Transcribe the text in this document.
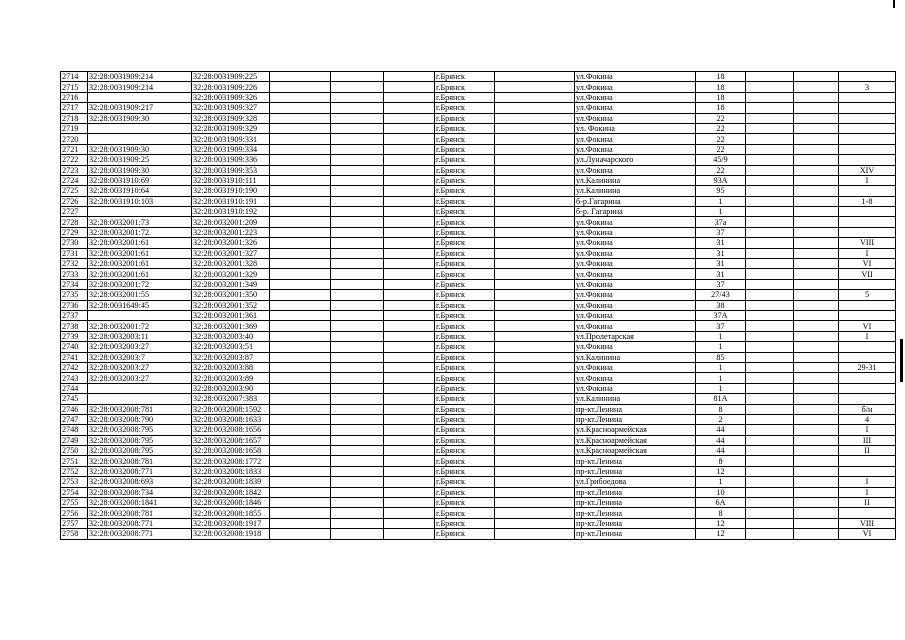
2714	32:28:0031909:214	32:28:0031909:225				г.Брянск		ул.Фокина	18			
2715	32:28:0031909:214	32:28:0031909:226				г.Брянск		ул.Фокина	18			3
2716		32:28:0031909:326				г.Брянск		ул.Фокина	18			
2717	32:28:0031909:217	32:28:0031909:327				г.Брянск		ул.Фокина	18			
2718	32:28:0031909:30	32:28:0031909:328				г.Брянск		ул.Фокина	22			
2719		32:28:0031909:329				г.Брянск		ул. Фокина	22			
2720		32:28:0031909:331				г.Брянск		ул.Фокина	22			
2721	32:28:0031909:30	32:28:0031909:334				г.Брянск		ул.Фокина	22			
2722	32:28:0031909:25	32:28:0031909:336				г.Брянск		ул.Луначарского	45/9			
2723	32:28:0031909:30	32:28:0031909:353				г.Брянск		ул.Фокина	22			XIV
2724	32:28:0031910:69	32:28:0031910:111				г.Брянск		ул.Калинина	93А			I
2725	32:28:0031910:64	32:28:0031910:190				г.Брянск		ул.Калинина	95			
2726	32:28:0031910:103	32:28:0031910:191				г.Брянск		б-р.Гагарина	1			1-8
2727		32:28:0031910:192				г.Брянск		б-р. Гагарина	1			
2728	32:28:0032001:73	32:28:0032001:209				г.Брянск		ул.Фокина	37а			
2729	32:28:0032001:72	32:28:0032001:223				г.Брянск		ул.Фокина	37			
2730	32:28:0032001:61	32:28:0032001:326				г.Брянск		ул.Фокина	31			VIII
2731	32:28:0032001:61	32:28:0032001:327				г.Брянск		ул.Фокина	31			I
2732	32:28:0032001:61	32:28:0032001:328				г.Брянск		ул.Фокина	31			VI
2733	32:28:0032001:61	32:28:0032001:329				г.Брянск		ул.Фокина	31			VII
2734	32:28:0032001:72	32:28:0032001:349				г.Брянск		ул.Фокина	37			
2735	32:28:0032001:55	32:28:0032001:350				г.Брянск		ул.Фокина	27/43			5
2736	32:28:0031649:45	32:28:0032001:352				г.Брянск		ул.Фокина	38			
2737		32:28:0032001:361				г.Брянск		ул.Фокина	37А			
2738	32:28:0032001:72	32:28:0032001:369				г.Брянск		ул.Фокина	37			VI
2739	32:28:0032003:11	32:28:0032003:40				г.Брянск		ул.Пролетарская	1			I
2740	32:28:0032003:27	32:28:0032003:51				г.Брянск		ул.Фокина	1			
2741	32:28:0032003:7	32:28:0032003:87				г.Брянск		ул.Калинина	85			
2742	32:28:0032003:27	32:28:0032003:88				г.Брянск		ул.Фокина	1			29-31
2743	32:28:0032003:27	32:28:0032003:89				г.Брянск		ул.Фокина	1			
2744		32:28:0032003:90				г.Брянск		ул.Фокина	1			
2745		32:28:0032007:383				г.Брянск		ул.Калинина	81А			
2746	32:28:0032008:781	32:28:0032008:1592				г.Брянск		пр-кт.Ленина	8			б/н
2747	32:28:0032008:790	32:28:0032008:1633				г.Брянск		пр-кт.Ленина	2			4
2748	32:28:0032008:795	32:28:0032008:1656				г.Брянск		ул.Красноармейская	44			I
2749	32:28:0032008:795	32:28:0032008:1657				г.Брянск		ул.Красноармейская	44			III
2750	32:28:0032008:795	32:28:0032008:1658				г.Брянск		ул.Красноармейская	44			II
2751	32:28:0032008:781	32:28:0032008:1772				г.Брянск		пр-кт.Ленина	8			
2752	32:28:0032008:771	32:28:0032008:1833				г.Брянск		пр-кт.Ленина	12			
2753	32:28:0032008:693	32:28:0032008:1839				г.Брянск		ул.Грибоедова	1			I
2754	32:28:0032008:734	32:28:0032008:1842				г.Брянск		пр-кт.Ленина	10			I
2755	32:28:0032008:1841	32:28:0032008:1846				г.Брянск		пр-кт.Ленина	6А			II
2756	32:28:0032008:781	32:28:0032008:1855				г.Брянск		пр-кт.Ленина	8			
2757	32:28:0032008:771	32:28:0032008:1917				г.Брянск		пр-кт.Ленина	12			VIII
2758	32:28:0032008:771	32:28:0032008:1918				г.Брянск		пр-кт.Ленина	12			VI
